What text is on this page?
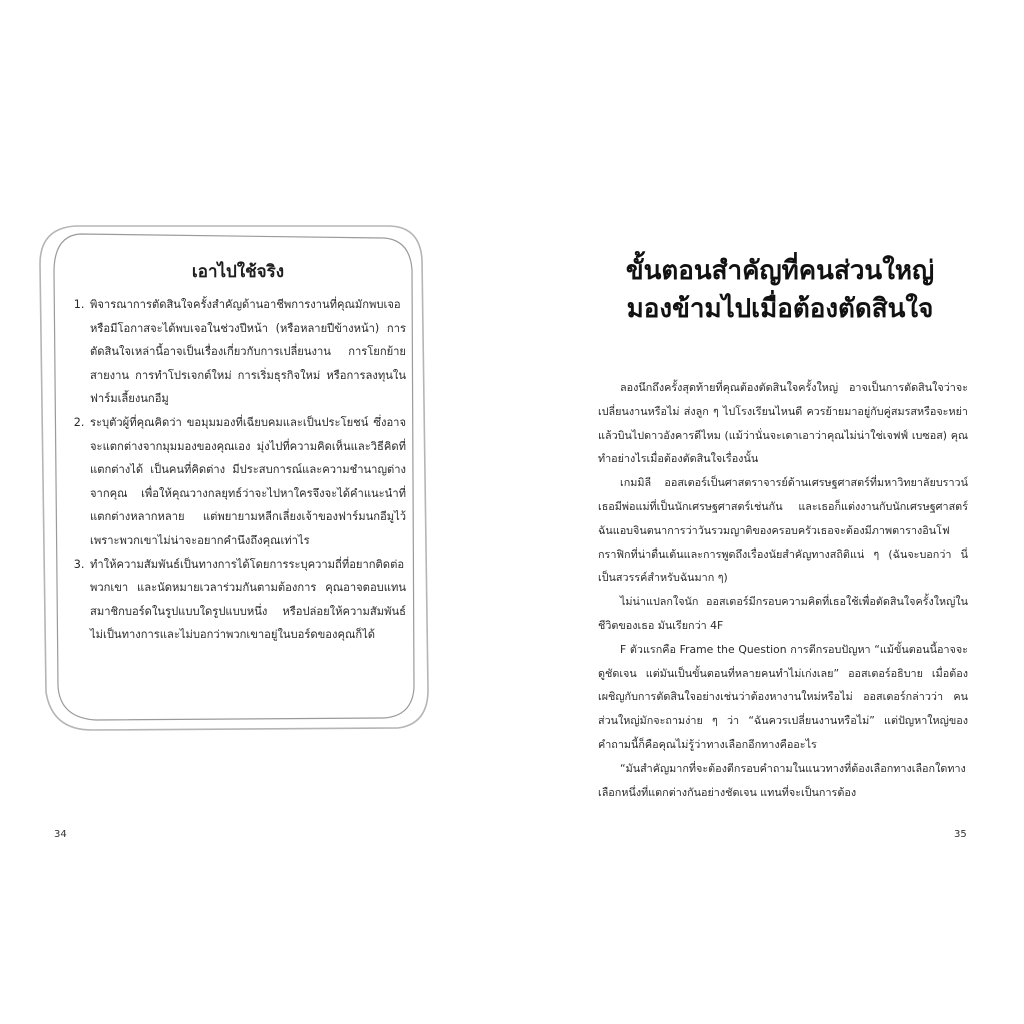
เอาไปใช้จริง
1. พิจารณาการตัดสินใจครั้งสำคัญด้านอาชีพการงานที่คุณมักพบเจอ หรือมีโอกาสจะได้พบเจอในช่วงปีหน้า (หรือหลายปีข้างหน้า) การตัดสินใจเหล่านี้อาจเป็นเรื่องเกี่ยวกับการเปลี่ยนงาน การโยกย้ายสายงาน การทำโปรเจกต์ใหม่ การเริ่มธุรกิจใหม่ หรือการลงทุนในฟาร์มเลี้ยงนกอีมู
2. ระบุตัวผู้ที่คุณคิดว่า ขอมุมมองที่เฉียบคมและเป็นประโยชน์ ซึ่งอาจจะแตกต่างจากมุมมองของคุณเอง มุ่งไปที่ความคิดเห็นและวิธีคิดที่แตกต่างได้ เป็นคนที่คิดต่าง มีประสบการณ์และความชำนาญต่างจากคุณ เพื่อให้คุณวางกลยุทธ์ว่าจะไปหาใครจึงจะได้คำแนะนำที่แตกต่างหลากหลาย แต่พยายามหลีกเลี่ยงเจ้าของฟาร์มนกอีมูไว้ เพราะพวกเขาไม่น่าจะอยากคำนึงถึงคุณเท่าไร
3. ทำให้ความสัมพันธ์เป็นทางการได้โดยการระบุความถี่ที่อยากติดต่อพวกเขา และนัดหมายเวลาร่วมกันตามต้องการ คุณอาจตอบแทนสมาชิกบอร์ดในรูปแบบใดรูปแบบหนึ่ง หรือปล่อยให้ความสัมพันธ์ไม่เป็นทางการและไม่บอกว่าพวกเขาอยู่ในบอร์ดของคุณก็ได้
34
ขั้นตอนสำคัญที่คนส่วนใหญ่
มองข้ามไปเมื่อต้องตัดสินใจ

ลองนึกถึงครั้งสุดท้ายที่คุณต้องตัดสินใจครั้งใหญ่ อาจเป็นการตัดสินใจว่าจะเปลี่ยนงานหรือไม่ ส่งลูก ๆ ไปโรงเรียนไหนดี ควรย้ายมาอยู่กับคู่สมรสหรือจะหย่าแล้วบินไปดาวอังคารดีไหม (แม้ว่านั่นจะเดาเอาว่าคุณไม่น่าใช่เจฟฟ์ เบซอส) คุณทำอย่างไรเมื่อต้องตัดสินใจเรื่องนั้น

เกมมิลี ออสเตอร์เป็นศาสตราจารย์ด้านเศรษฐศาสตร์ที่มหาวิทยาลัยบราวน์ เธอมีพ่อแม่ที่เป็นนักเศรษฐศาสตร์เช่นกัน และเธอก็แต่งงานกับนักเศรษฐศาสตร์ ฉันแอบจินตนาการว่าวันรวมญาติของครอบครัวเธอจะต้องมีภาพตารางอินโฟกราฟิกที่น่าตื่นเต้นและการพูดถึงเรื่องนัยสำคัญทางสถิติแน่ ๆ (ฉันจะบอกว่า นี่เป็นสวรรค์สำหรับฉันมาก ๆ)

ไม่น่าแปลกใจนัก ออสเตอร์มีกรอบความคิดที่เธอใช้เพื่อตัดสินใจครั้งใหญ่ในชีวิตของเธอ มันเรียกว่า 4F

F ตัวแรกคือ Frame the Question การตีกรอบปัญหา “แม้ขั้นตอนนี้อาจจะดูชัดเจน แต่มันเป็นขั้นตอนที่หลายคนทำไม่เก่งเลย” ออสเตอร์อธิบาย เมื่อต้องเผชิญกับการตัดสินใจอย่างเช่นว่าต้องหางานใหม่หรือไม่ ออสเตอร์กล่าวว่า คนส่วนใหญ่มักจะถามง่าย ๆ ว่า “ฉันควรเปลี่ยนงานหรือไม่” แต่ปัญหาใหญ่ของคำถามนี้ก็คือคุณไม่รู้ว่าทางเลือกอีกทางคืออะไร

“มันสำคัญมากที่จะต้องตีกรอบคำถามในแนวทางที่ต้องเลือกทางเลือกใดทางเลือกหนึ่งที่แตกต่างกันอย่างชัดเจน แทนที่จะเป็นการต้อง

35
